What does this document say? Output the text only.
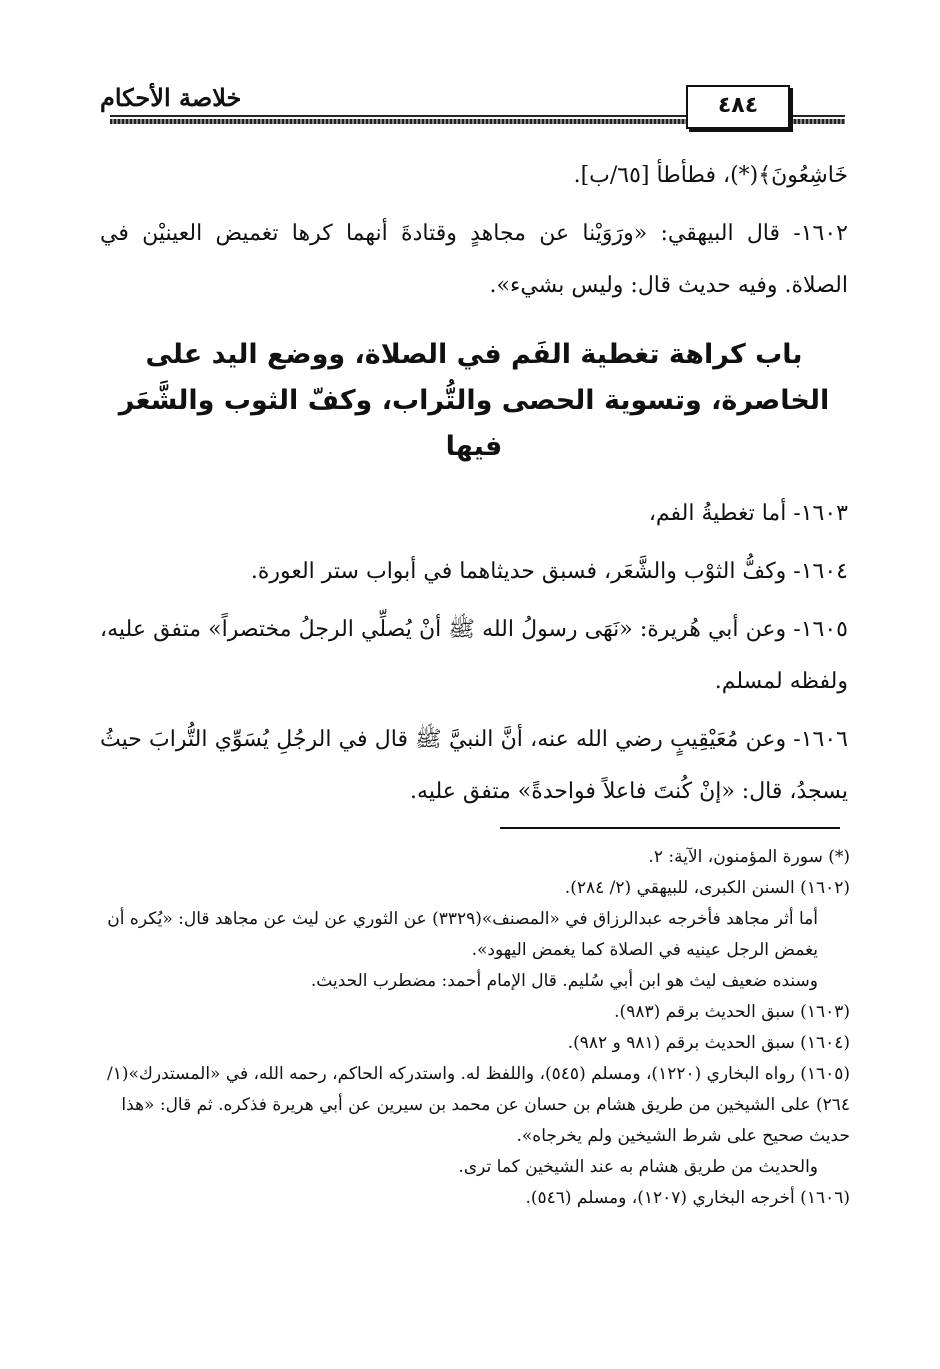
خلاصة الأحكام	٤٨٤

خَاشِعُونَ﴾(*)، فطأطأ [٦٥/ب].

١٦٠٢- قال البيهقي: «ورَوَيْنا عن مجاهدٍ وقتادةَ أنهما كرها تغميض العينيْن في الصلاة. وفيه حديث قال: وليس بشيء».

باب كراهة تغطية الفَم في الصلاة، ووضع اليد على الخاصرة، وتسوية الحصى والتُّراب، وكفّ الثوب والشَّعَر فيها

١٦٠٣- أما تغطيةُ الفم،

١٦٠٤- وكفُّ الثوْب والشَّعَر، فسبق حديثاهما في أبواب ستر العورة.

١٦٠٥- وعن أبي هُريرة: «نَهَى رسولُ الله ﷺ أنْ يُصلِّي الرجلُ مختصراً» متفق عليه، ولفظه لمسلم.

١٦٠٦- وعن مُعَيْقِيبٍ رضي الله عنه، أنَّ النبيَّ ﷺ قال في الرجُلِ يُسَوِّي التُّرابَ حيثُ يسجدُ، قال: «إنْ كُنتَ فاعلاً فواحدةً» متفق عليه.

(*) سورة المؤمنون، الآية: ٢.

(١٦٠٢) السنن الكبرى، للبيهقي (٢/ ٢٨٤).

أما أثر مجاهد فأخرجه عبدالرزاق في «المصنف»(٣٣٢٩) عن الثوري عن ليث عن مجاهد قال: «يُكره أن يغمض الرجل عينيه في الصلاة كما يغمض اليهود».

وسنده ضعيف ليث هو ابن أبي سُليم. قال الإمام أحمد: مضطرب الحديث.

(١٦٠٣) سبق الحديث برقم (٩٨٣).

(١٦٠٤) سبق الحديث برقم (٩٨١ و ٩٨٢).

(١٦٠٥) رواه البخاري (١٢٢٠)، ومسلم (٥٤٥)، واللفظ له. واستدركه الحاكم، رحمه الله، في «المستدرك»(١/ ٢٦٤) على الشيخين من طريق هشام بن حسان عن محمد بن سيرين عن أبي هريرة فذكره. ثم قال: «هذا حديث صحيح على شرط الشيخين ولم يخرجاه».

والحديث من طريق هشام به عند الشيخين كما ترى.

(١٦٠٦) أخرجه البخاري (١٢٠٧)، ومسلم (٥٤٦).
